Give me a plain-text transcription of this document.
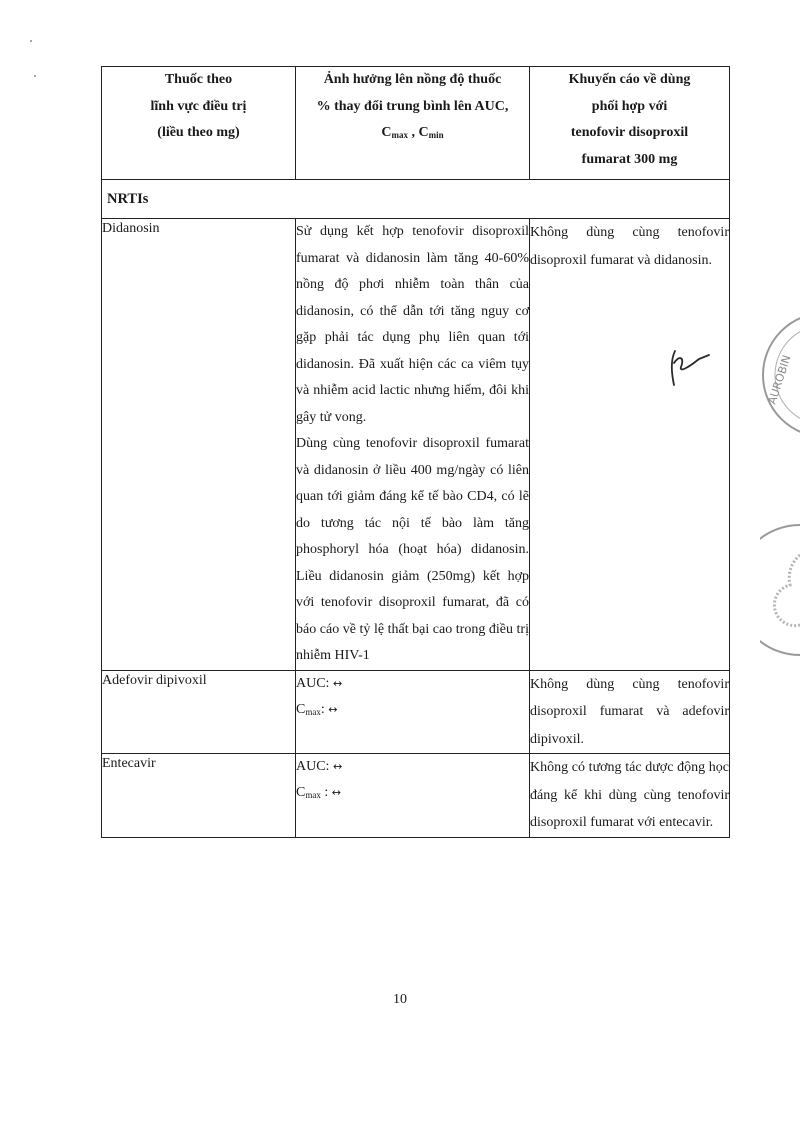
Thuốc theo
lĩnh vực điều trị
(liều theo mg)	Ảnh hưởng lên nồng độ thuốc
% thay đổi trung bình lên AUC,
$C_{max}$ , $C_{min}$	Khuyến cáo về dùng
phối hợp với
tenofovir disoproxil
fumarat 300 mg

NRTIs		
Didanosin	Sử dụng kết hợp tenofovir disoproxil fumarat và didanosin làm tăng 40-60% nồng độ phơi nhiễm toàn thân của didanosin, có thể dẫn tới tăng nguy cơ gặp phải tác dụng phụ liên quan tới didanosin. Đã xuất hiện các ca viêm tụy và nhiễm acid lactic nhưng hiếm, đôi khi gây tử vong.

Dùng cùng tenofovir disoproxil fumarat và didanosin ở liều 400 mg/ngày có liên quan tới giảm đáng kể tế bào CD4, có lẽ do tương tác nội tế bào làm tăng phosphoryl hóa (hoạt hóa) didanosin. Liều didanosin giảm (250mg) kết hợp với tenofovir disoproxil fumarat, đã có báo cáo về tỷ lệ thất bại cao trong điều trị nhiễm HIV-1	Không dùng cùng tenofovir disoproxil fumarat và didanosin.
Adefovir dipivoxil	AUC: ↔
$C_{max}$: ↔	Không dùng cùng tenofovir disoproxil fumarat và adefovir dipivoxil.
Entecavir	AUC: ↔
$C_{max}$ : ↔	Không có tương tác dược động học đáng kể khi dùng cùng tenofovir disoproxil fumarat với entecavir.
AUROBIN
10
